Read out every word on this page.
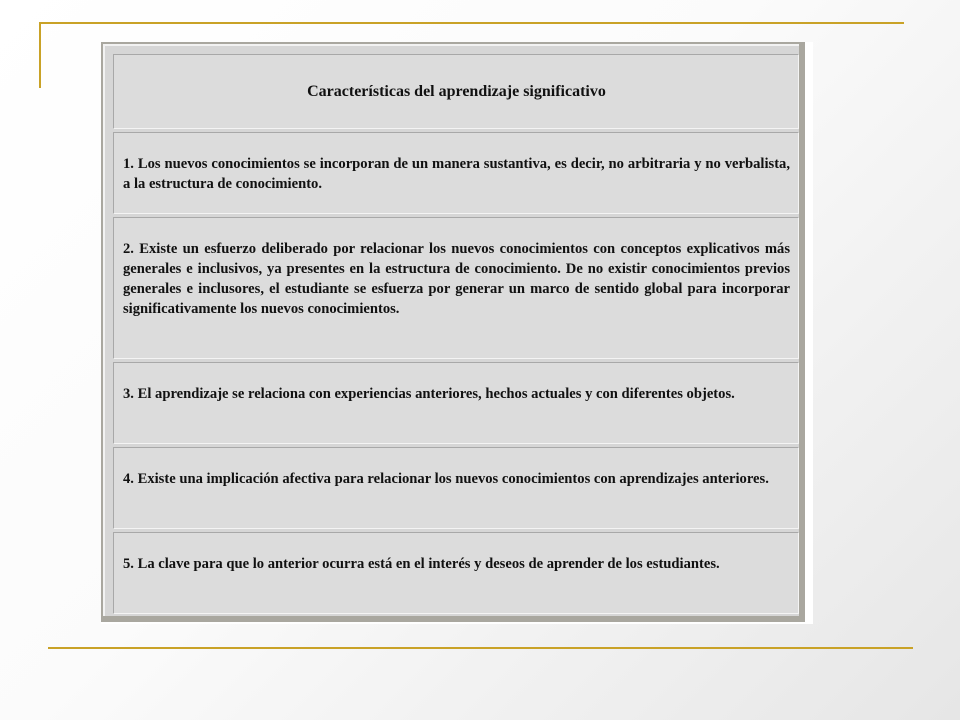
Características del aprendizaje significativo
1. Los nuevos conocimientos se incorporan de un manera sustantiva, es decir, no arbitraria y no verbalista, a la estructura de conocimiento.
2. Existe un esfuerzo deliberado por relacionar los nuevos conocimientos con conceptos explicativos más generales e inclusivos, ya presentes en la estructura de conocimiento. De no existir conocimientos previos generales e inclusores, el estudiante se esfuerza por generar un marco de sentido global para incorporar significativamente los nuevos conocimientos.
3. El aprendizaje se relaciona con experiencias anteriores, hechos actuales y con diferentes objetos.
4. Existe una implicación afectiva para relacionar los nuevos conocimientos con aprendizajes anteriores.
5. La clave para que lo anterior ocurra está en el interés y deseos de aprender de los estudiantes.
